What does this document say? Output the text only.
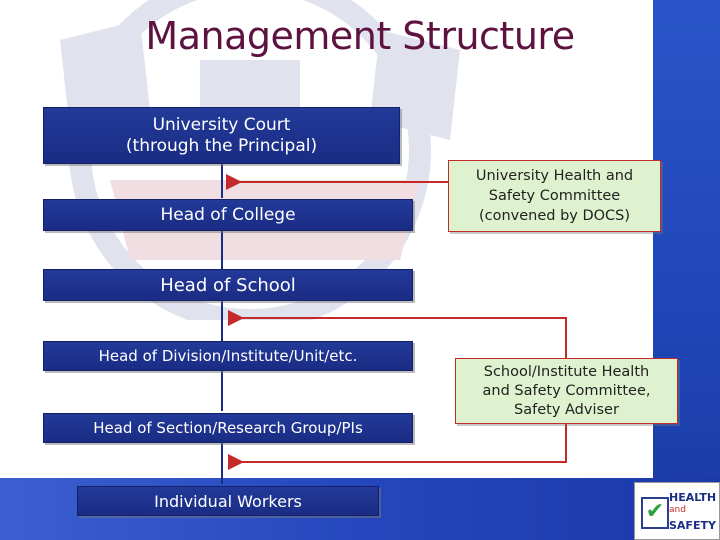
Management Structure
University Court
(through the Principal)
Head of College
Head of School
Head of Division/Institute/Unit/etc.
Head of Section/Research Group/PIs
Individual Workers
University Health and
Safety Committee
(convened by DOCS)
School/Institute Health
and Safety Committee,
Safety Adviser
✔
HEALTH
and
SAFETY
